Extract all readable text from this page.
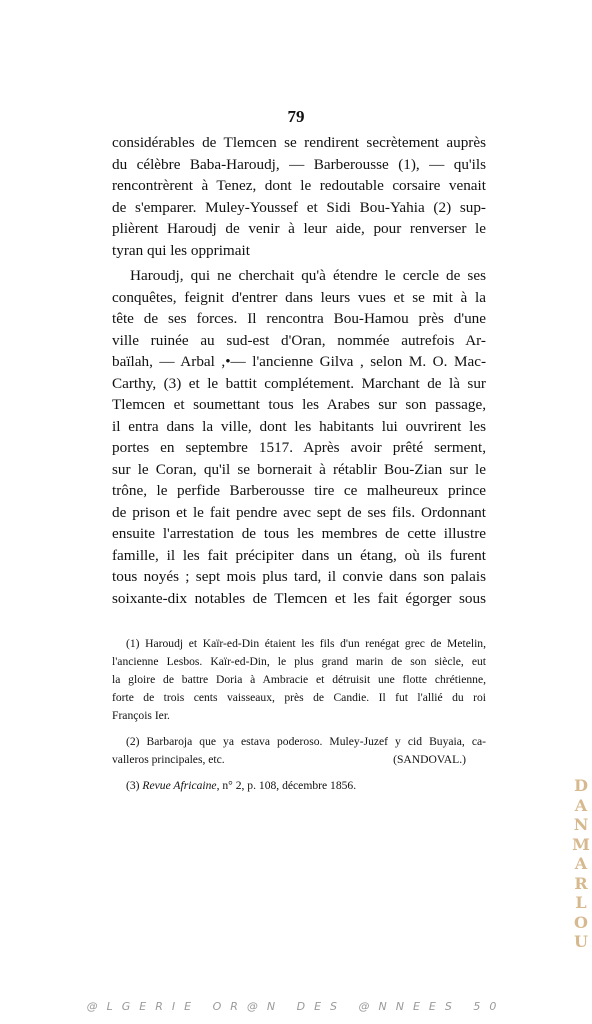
79
considérables de Tlemcen se rendirent secrètement auprès
du célèbre Baba-Haroudj, — Barberousse (1), — qu'ils
rencontrèrent à Tenez, dont le redoutable corsaire venait
de s'emparer. Muley-Youssef et Sidi Bou-Yahia (2) sup-
plièrent Haroudj de venir à leur aide, pour renverser le
tyran qui les opprimait
Haroudj, qui ne cherchait qu'à étendre le cercle de ses
conquêtes, feignit d'entrer dans leurs vues et se mit à la
tête de ses forces. Il rencontra Bou-Hamou près d'une
ville ruinée au sud-est d'Oran, nommée autrefois Ar-
baïlah, — Arbal ,•— l'ancienne Gilva , selon M. O. Mac-
Carthy, (3) et le battit complétement. Marchant de là sur
Tlemcen et soumettant tous les Arabes sur son passage,
il entra dans la ville, dont les habitants lui ouvrirent les
portes en septembre 1517. Après avoir prêté serment,
sur le Coran, qu'il se bornerait à rétablir Bou-Zian sur le
trône, le perfide Barberousse tire ce malheureux prince
de prison et le fait pendre avec sept de ses fils. Ordonnant
ensuite l'arrestation de tous les membres de cette illustre
famille, il les fait précipiter dans un étang, où ils furent
tous noyés ; sept mois plus tard, il convie dans son palais
soixante-dix notables de Tlemcen et les fait égorger sous
(1) Haroudj et Kaïr-ed-Din étaient les fils d'un renégat grec de Metelin,
l'ancienne Lesbos. Kaïr-ed-Din, le plus grand marin de son siècle, eut
la gloire de battre Doria à Ambracie et détruisit une flotte chrétienne,
forte de trois cents vaisseaux, près de Candie. Il fut l'allié du roi
François Ier.
(2) Barbaroja que ya estava poderoso. Muley-Juzef y cid Buyaia, ca-
valleros principales, etc.	(SANDOVAL.)
(3) Revue Africaine, n° 2, p. 108, décembre 1856.	DANMARLOU
@LGERIE OR@N DES @NNEES 50
